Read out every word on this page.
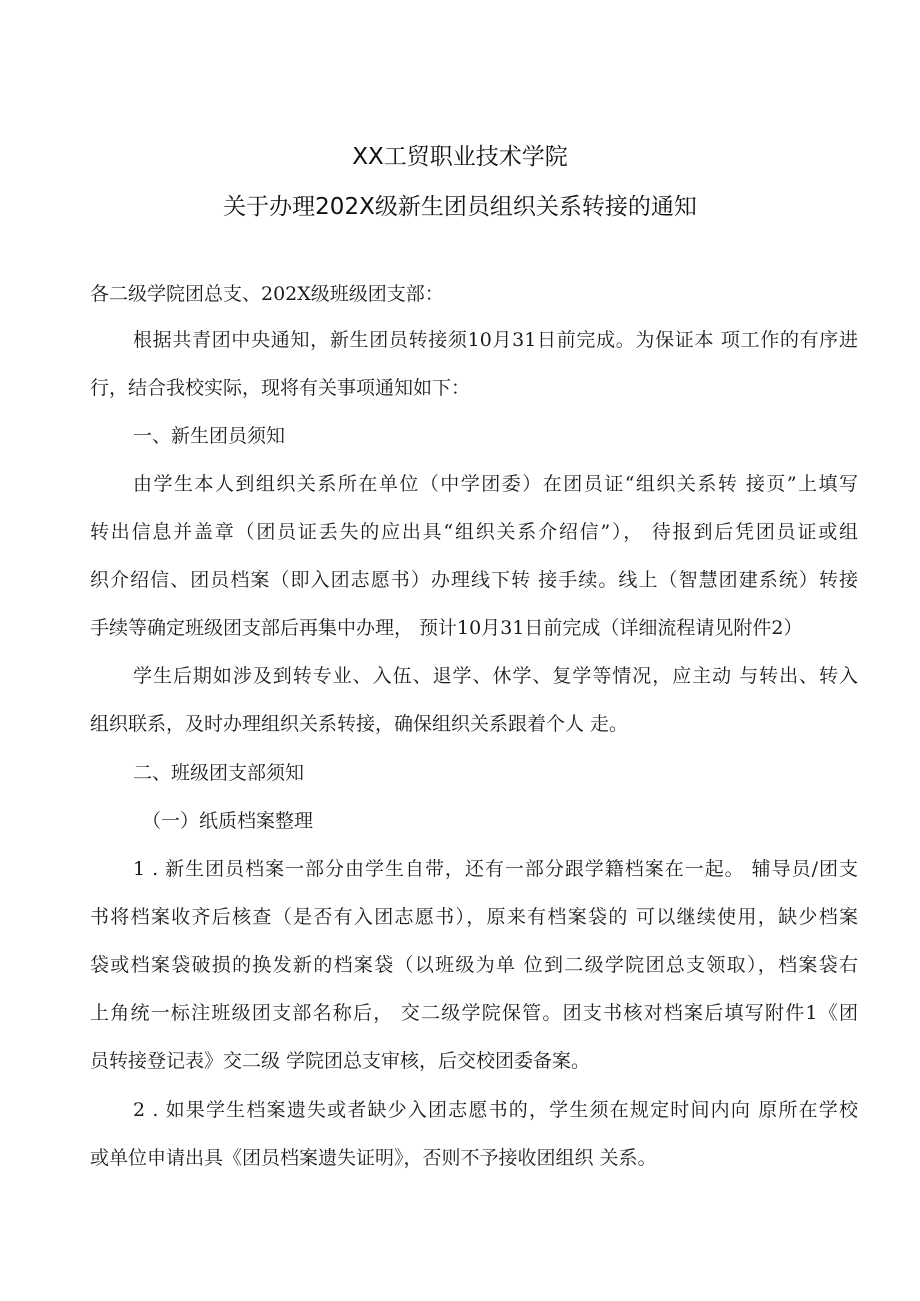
XX工贸职业技术学院
关于办理202X级新生团员组织关系转接的通知
各二级学院团总支、202X级班级团支部：
根据共青团中央通知，新生团员转接须10月31日前完成。为保证本 项工作的有序进
行，结合我校实际，现将有关事项通知如下：
一、新生团员须知
由学生本人到组织关系所在单位（中学团委）在团员证“组织关系转 接页”上填写
转出信息并盖章（团员证丢失的应出具“组织关系介绍信”）， 待报到后凭团员证或组
织介绍信、团员档案（即入团志愿书）办理线下转 接手续。线上（智慧团建系统）转接
手续等确定班级团支部后再集中办理， 预计10月31日前完成（详细流程请见附件2）
学生后期如涉及到转专业、入伍、退学、休学、复学等情况，应主动 与转出、转入
组织联系，及时办理组织关系转接，确保组织关系跟着个人 走。
二、班级团支部须知
（一）纸质档案整理
1 . 新生团员档案一部分由学生自带，还有一部分跟学籍档案在一起。 辅导员/团支
书将档案收齐后核查（是否有入团志愿书），原来有档案袋的 可以继续使用，缺少档案
袋或档案袋破损的换发新的档案袋（以班级为单 位到二级学院团总支领取），档案袋右
上角统一标注班级团支部名称后， 交二级学院保管。团支书核对档案后填写附件1《团
员转接登记表》交二级 学院团总支审核，后交校团委备案。
2 . 如果学生档案遗失或者缺少入团志愿书的，学生须在规定时间内向 原所在学校
或单位申请出具《团员档案遗失证明》，否则不予接收团组织 关系。
